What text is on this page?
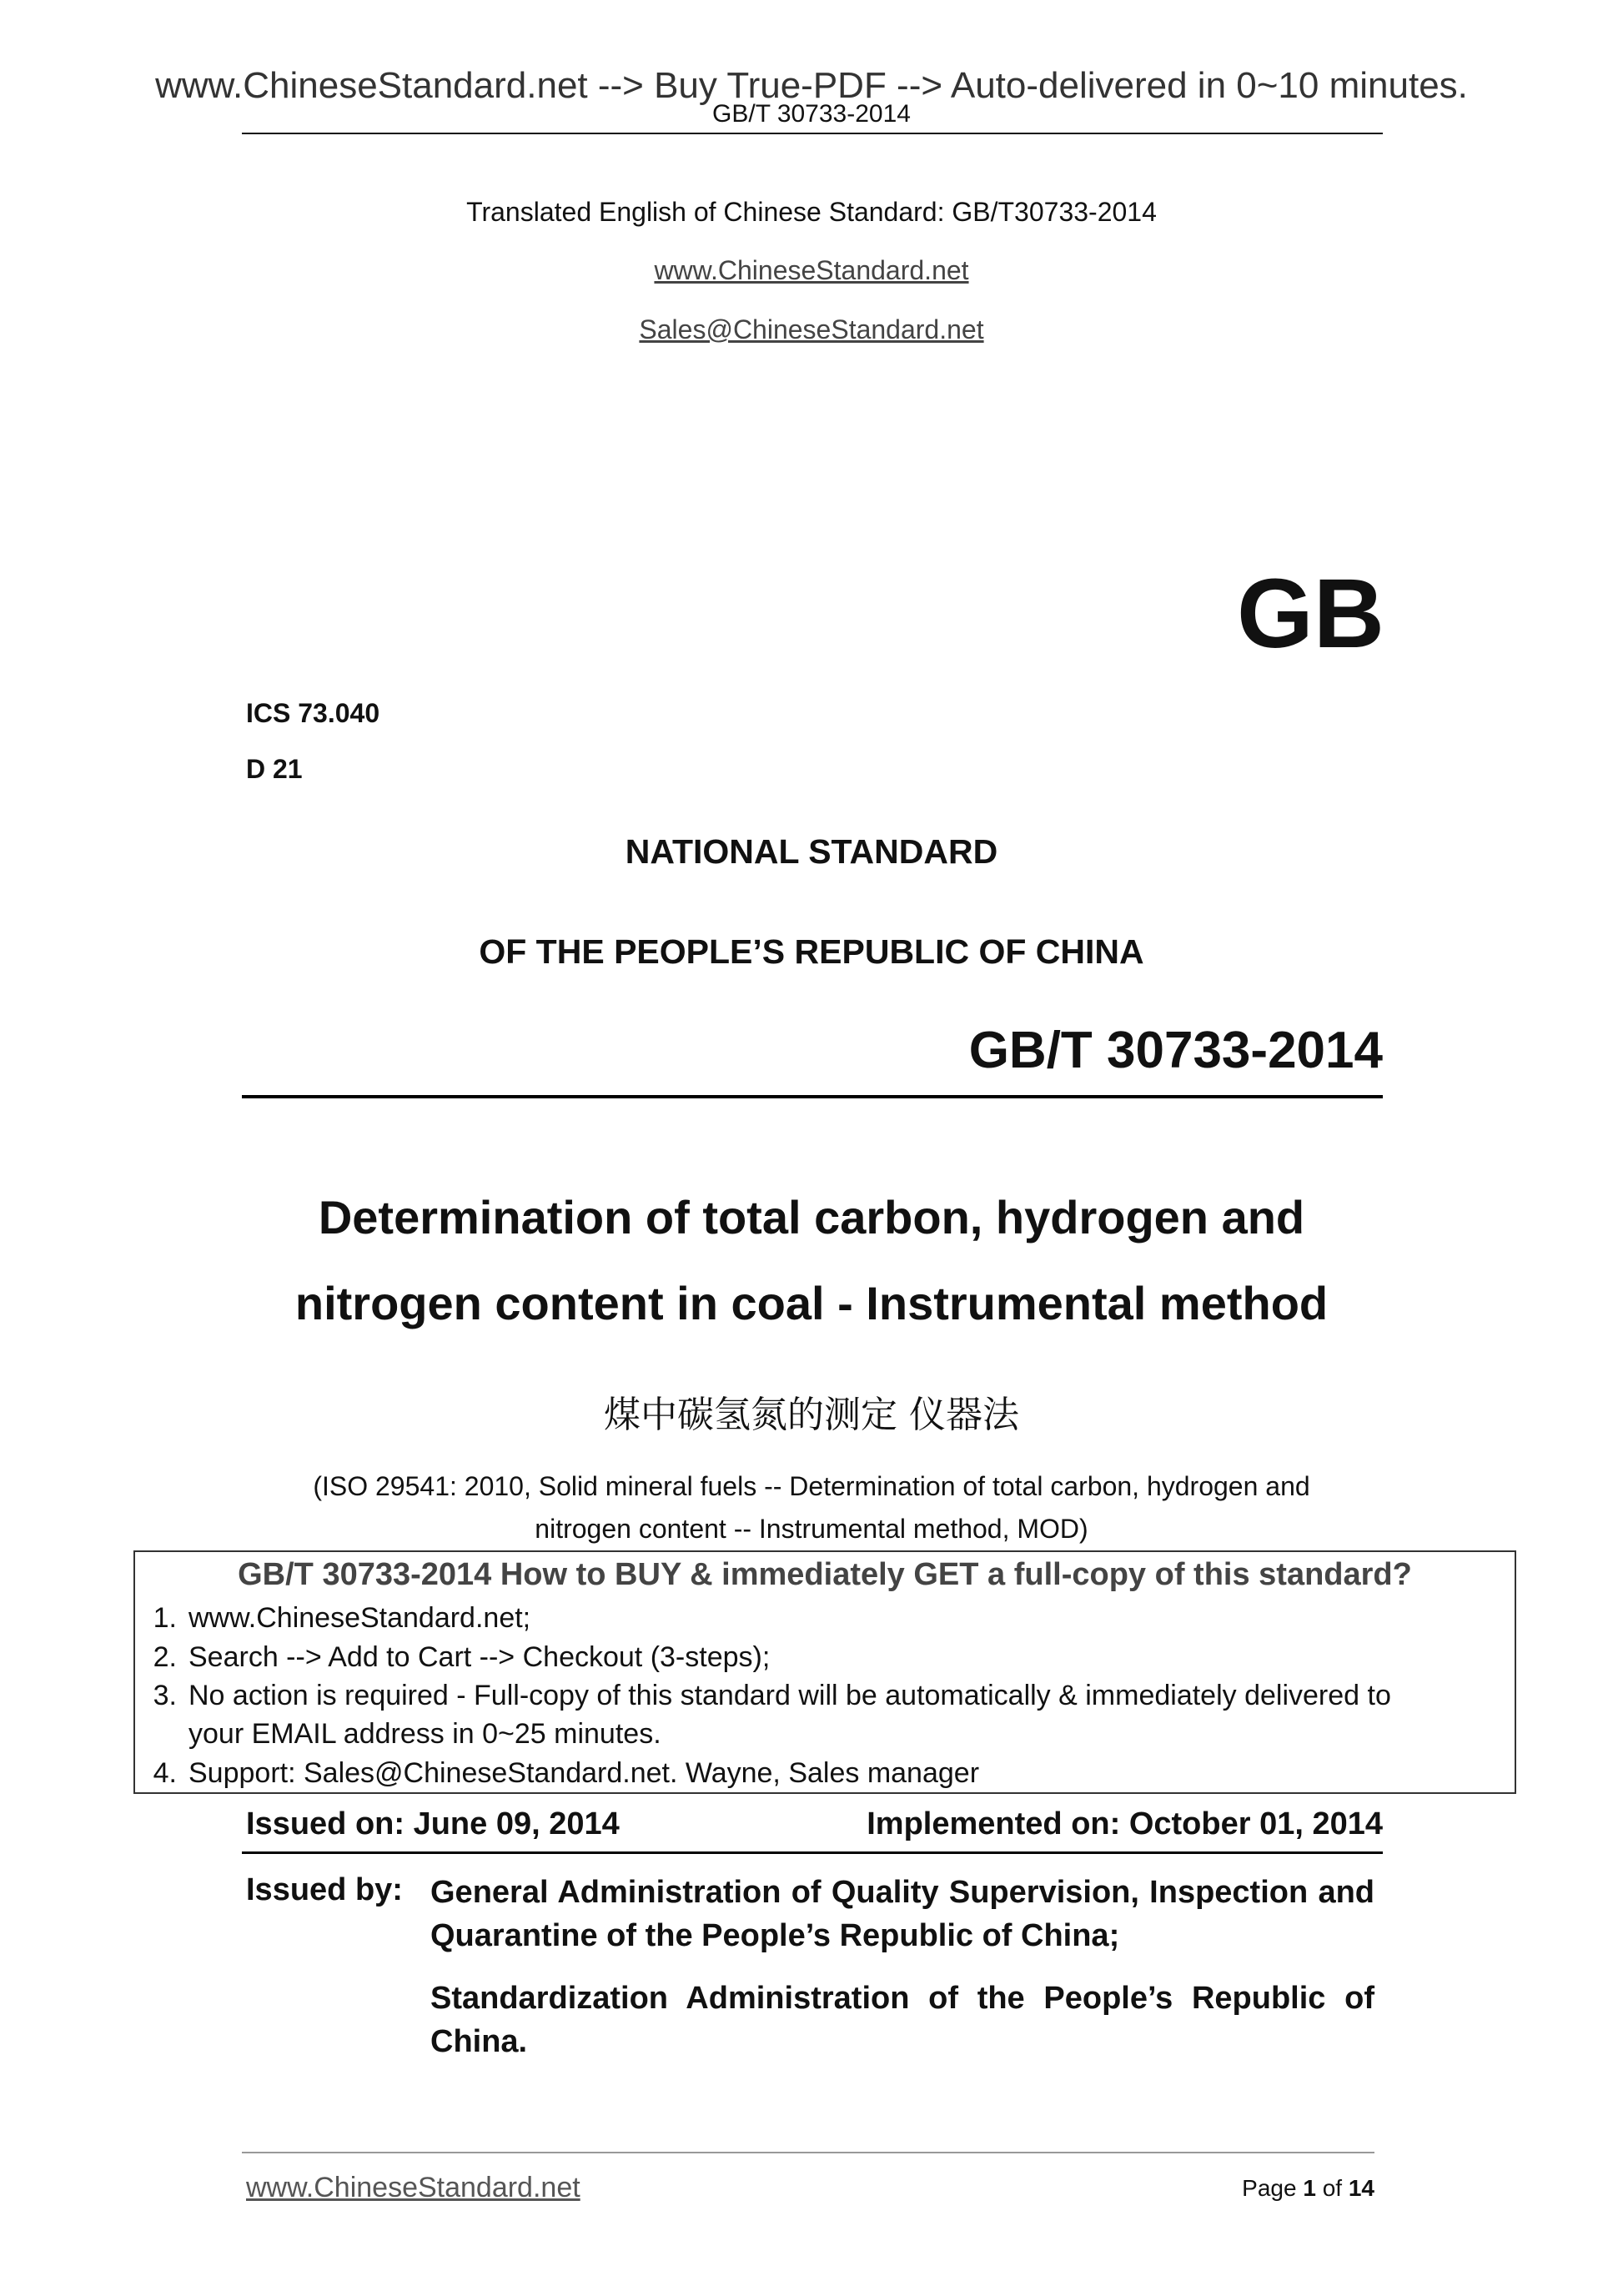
www.ChineseStandard.net --> Buy True-PDF --> Auto-delivered in 0~10 minutes.
GB/T 30733-2014
Translated English of Chinese Standard: GB/T30733-2014
www.ChineseStandard.net
Sales@ChineseStandard.net
GB
ICS 73.040
D 21
NATIONAL STANDARD
OF THE PEOPLE’S REPUBLIC OF CHINA
GB/T 30733-2014
Determination of total carbon, hydrogen and
nitrogen content in coal - Instrumental method
煤中碳氢氮的测定 仪器法
(ISO 29541: 2010, Solid mineral fuels -- Determination of total carbon, hydrogen and
nitrogen content -- Instrumental method, MOD)
GB/T 30733-2014 How to BUY & immediately GET a full-copy of this standard?
1. www.ChineseStandard.net;
2. Search --> Add to Cart --> Checkout (3-steps);
3. No action is required - Full-copy of this standard will be automatically & immediately delivered to
your EMAIL address in 0~25 minutes.
4. Support: Sales@ChineseStandard.net. Wayne, Sales manager
Issued on: June 09, 2014	Implemented on: October 01, 2014
Issued by: General Administration of Quality Supervision, Inspection and Quarantine of the People’s Republic of China;
Standardization Administration of the People’s Republic of China.
www.ChineseStandard.net	Page 1 of 14
